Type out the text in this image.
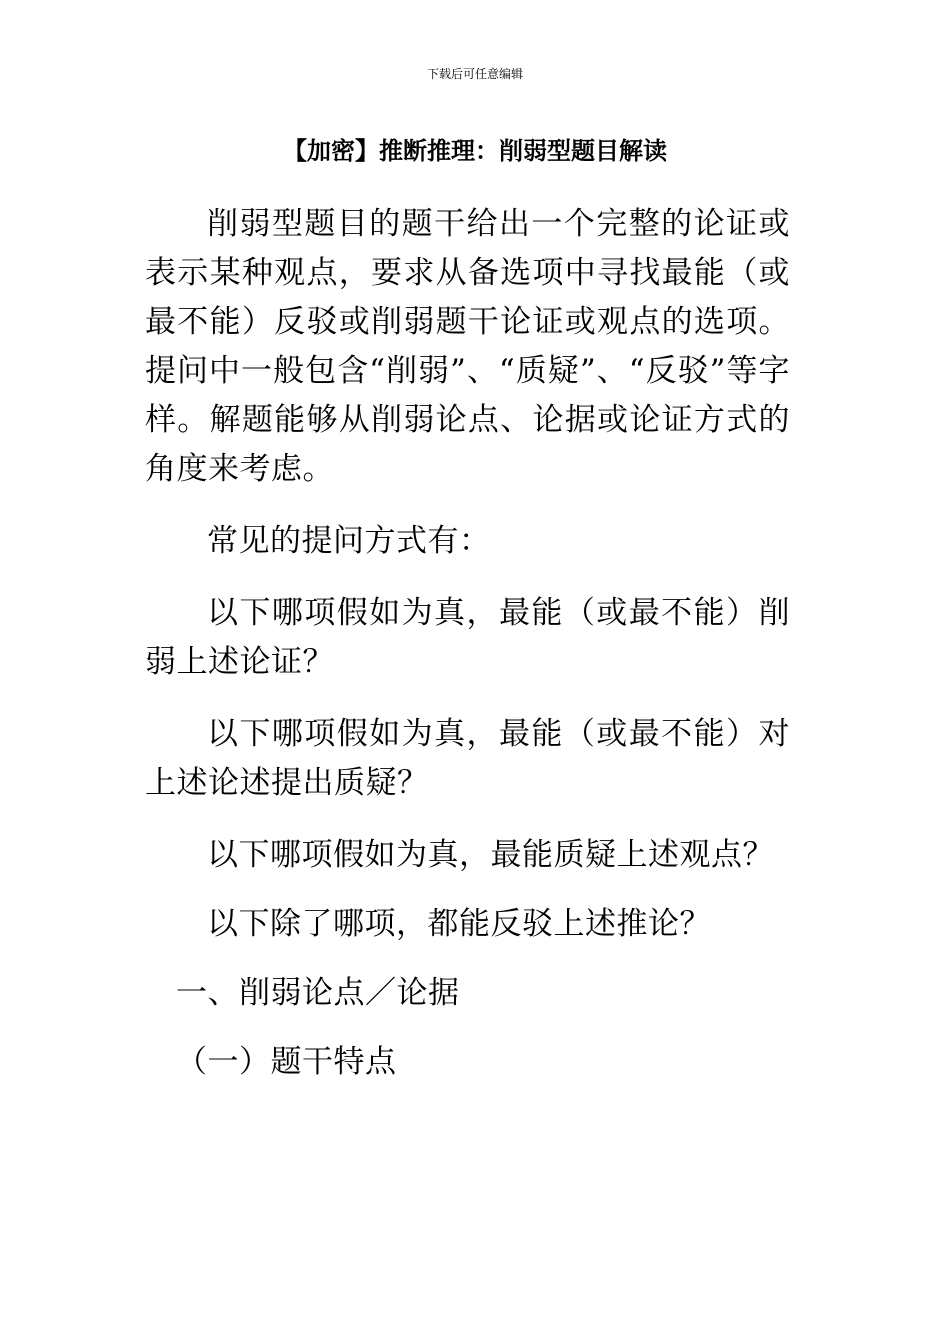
下载后可任意编辑
【加密】推断推理：削弱型题目解读

削弱型题目的题干给出一个完整的论证或表示某种观点，要求从备选项中寻找最能（或最不能）反驳或削弱题干论证或观点的选项。提问中一般包含“削弱”、“质疑”、“反驳”等字样。解题能够从削弱论点、论据或论证方式的角度来考虑。

常见的提问方式有：

以下哪项假如为真，最能（或最不能）削弱上述论证？

以下哪项假如为真，最能（或最不能）对上述论述提出质疑？

以下哪项假如为真，最能质疑上述观点？

以下除了哪项，都能反驳上述推论？

一、削弱论点／论据

（一）题干特点
